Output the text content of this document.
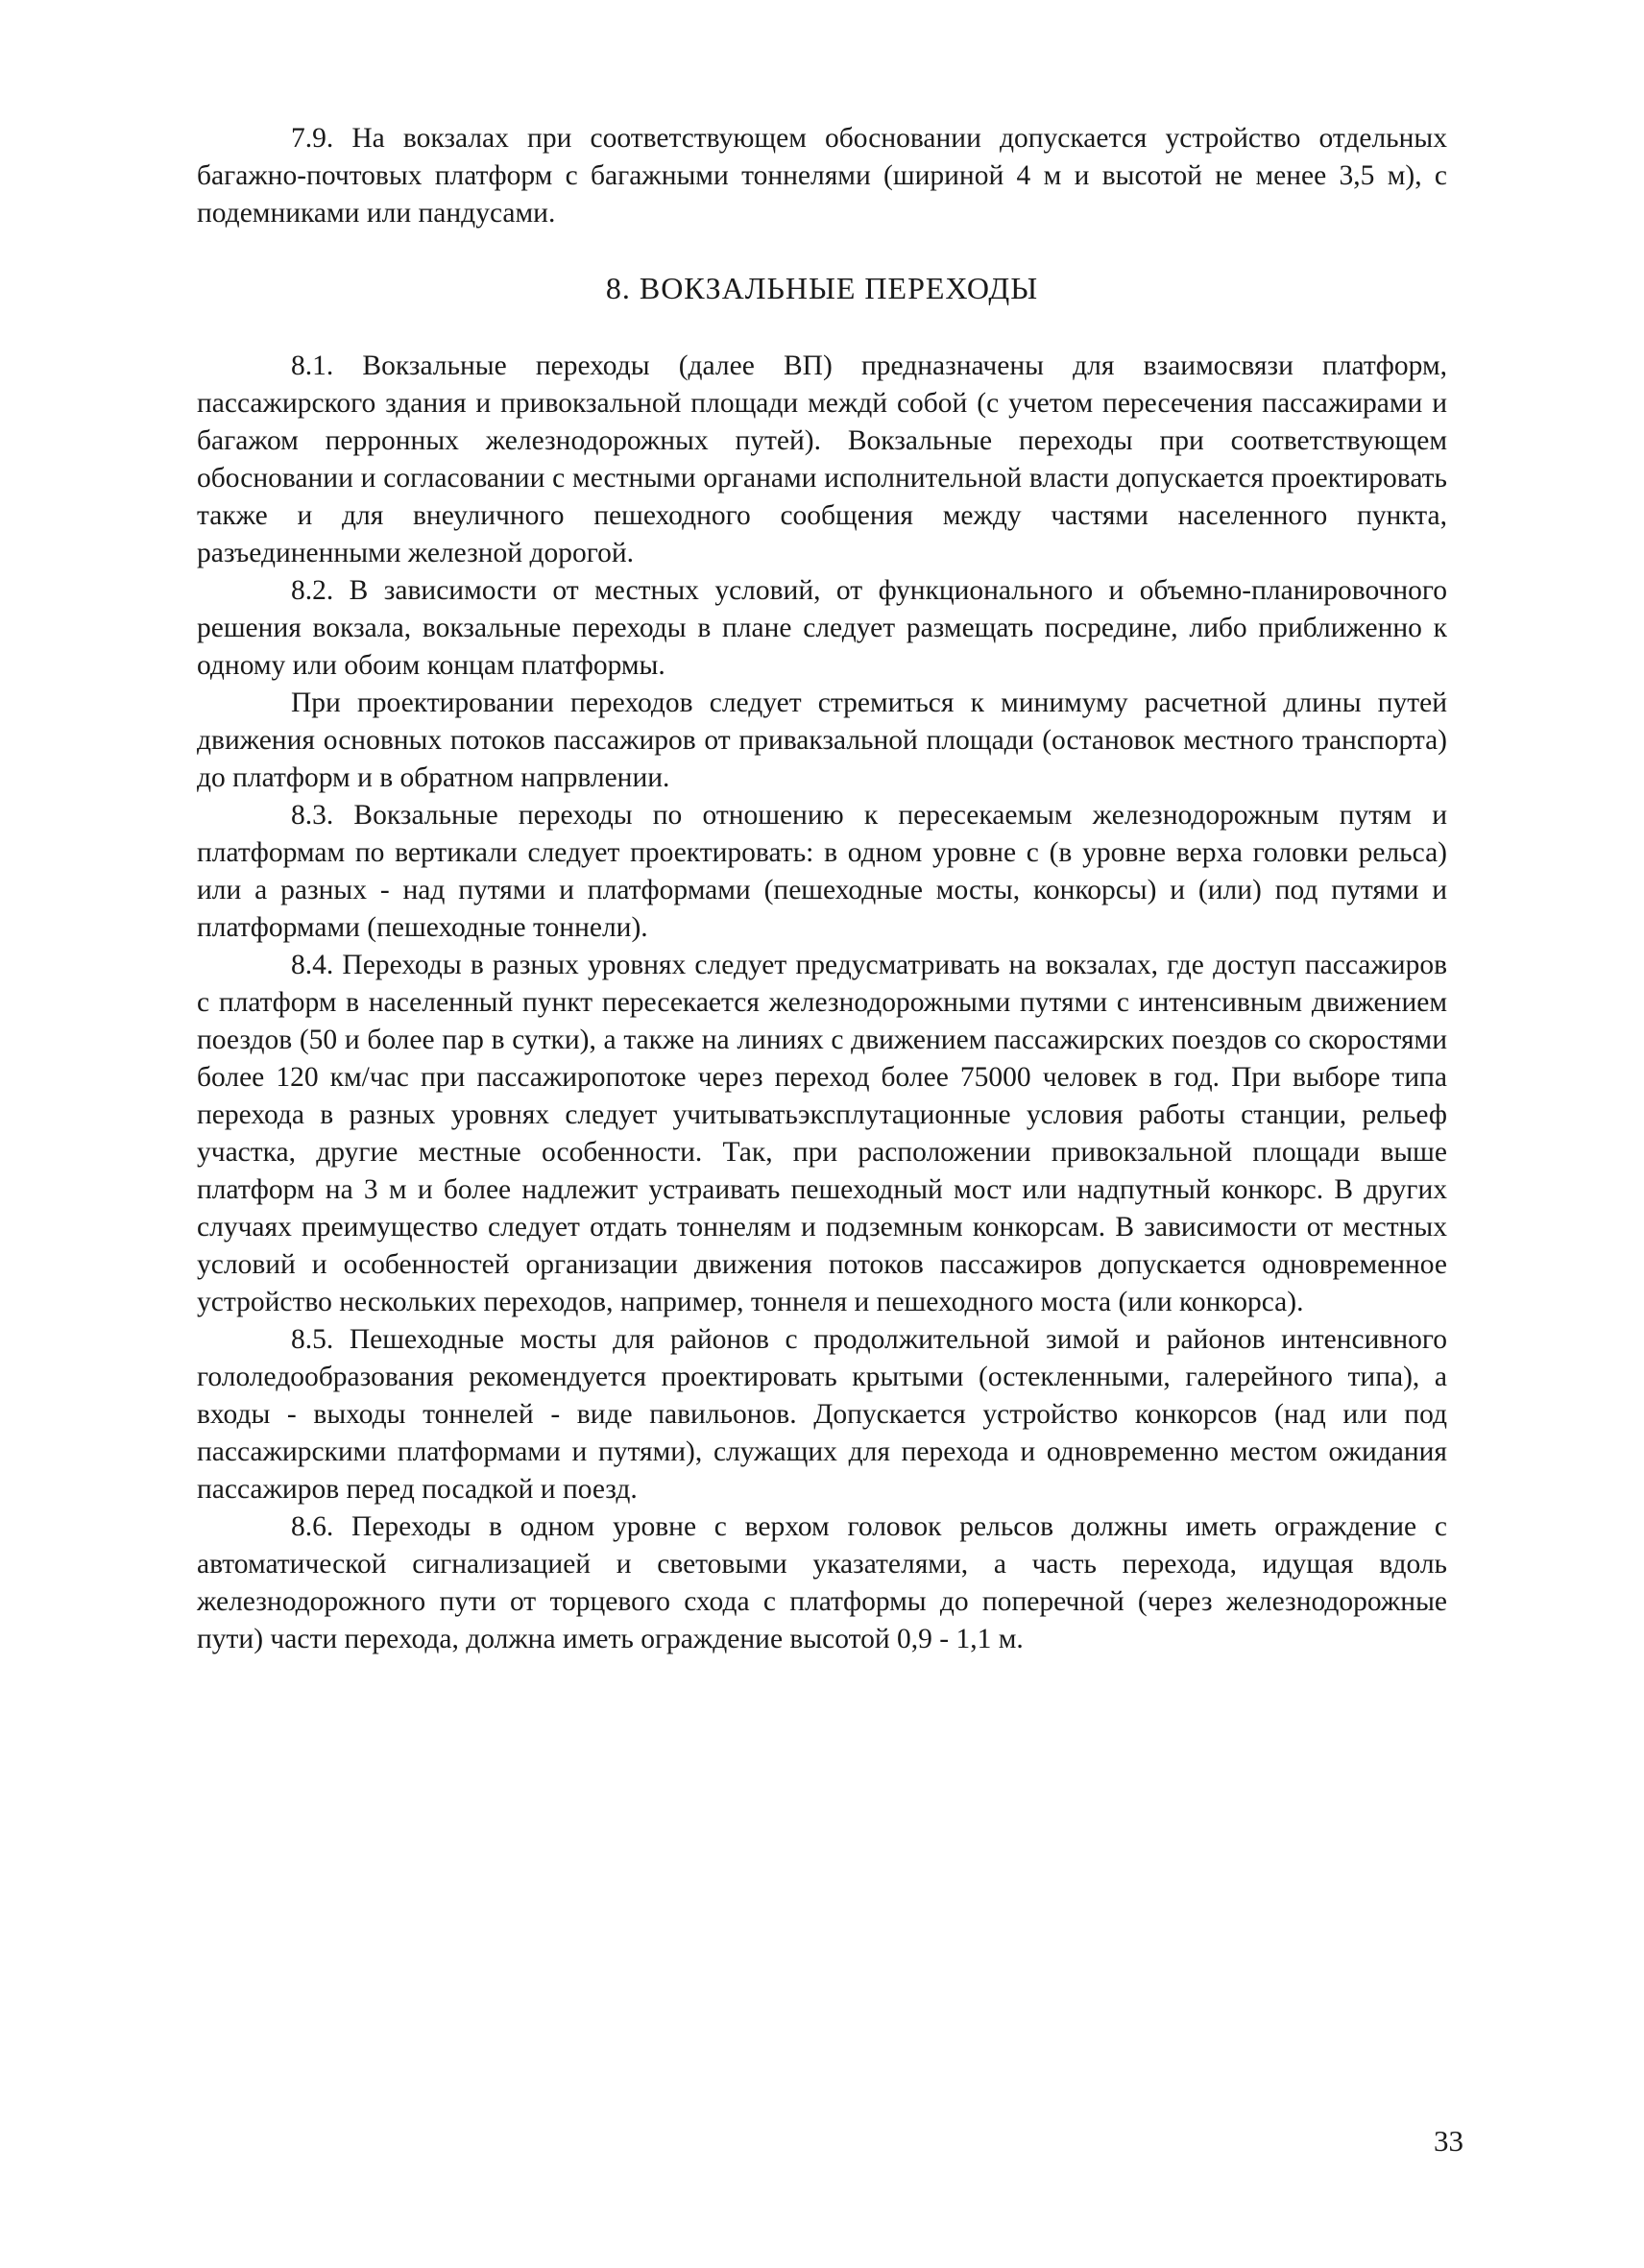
7.9. На вокзалах при соответствующем обосновании допускается устройство отдельных багажно-почтовых платформ с багажными тоннелями (шириной 4 м и высотой не менее 3,5 м), с подемниками или пандусами.

8. ВОКЗАЛЬНЫЕ ПЕРЕХОДЫ

8.1. Вокзальные переходы (далее ВП) предназначены для взаимосвязи платформ, пассажирского здания и привокзальной площади междй собой (с учетом пересечения пассажирами и багажом перронных железнодорожных путей). Вокзальные переходы при соответствующем обосновании и согласовании с местными органами исполнительной власти допускается проектировать также и для внеуличного пешеходного сообщения между частями населенного пункта, разъединенными железной дорогой.

8.2. В зависимости от местных условий, от функционального и объемно-планировочного решения вокзала, вокзальные переходы в плане следует размещать посредине, либо приближенно к одному или обоим концам платформы.

При проектировании переходов следует стремиться к минимуму расчетной длины путей движения основных потоков пассажиров от привакзальной площади (остановок местного транспорта) до платформ и в обратном напрвлении.

8.3. Вокзальные переходы по отношению к пересекаемым железнодорожным путям и платформам по вертикали следует проектировать: в одном уровне с (в уровне верха головки рельса) или а разных - над путями и платформами (пешеходные мосты, конкорсы) и (или) под путями и платформами (пешеходные тоннели).

8.4. Переходы в разных уровнях следует предусматривать на вокзалах, где доступ пассажиров с платформ в населенный пункт пересекается железнодорожными путями с интенсивным движением поездов (50 и более пар в сутки), а также на линиях с движением пассажирских поездов со скоростями более 120 км/час при пассажиропотоке через переход более 75000 человек в год. При выборе типа перехода в разных уровнях следует учитыватьэксплутационные условия работы станции, рельеф участка, другие местные особенности. Так, при расположении привокзальной площади выше платформ на 3 м и более надлежит устраивать пешеходный мост или надпутный конкорс. В других случаях преимущество следует отдать тоннелям и подземным конкорсам. В зависимости от местных условий и особенностей организации движения потоков пассажиров допускается одновременное устройство нескольких переходов, например, тоннеля и пешеходного моста (или конкорса).

8.5. Пешеходные мосты для районов с продолжительной зимой и районов интенсивного гололедообразования рекомендуется проектировать крытыми (остекленными, галерейного типа), а входы - выходы тоннелей - виде павильонов. Допускается устройство конкорсов (над или под пассажирскими платформами и путями), служащих для перехода и одновременно местом ожидания пассажиров перед посадкой и поезд.

8.6. Переходы в одном уровне с верхом головок рельсов должны иметь ограждение с автоматической сигнализацией и световыми указателями, а часть перехода, идущая вдоль железнодорожного пути от торцевого схода с платформы до поперечной (через железнодорожные пути) части перехода, должна иметь ограждение высотой 0,9 - 1,1 м.

33
